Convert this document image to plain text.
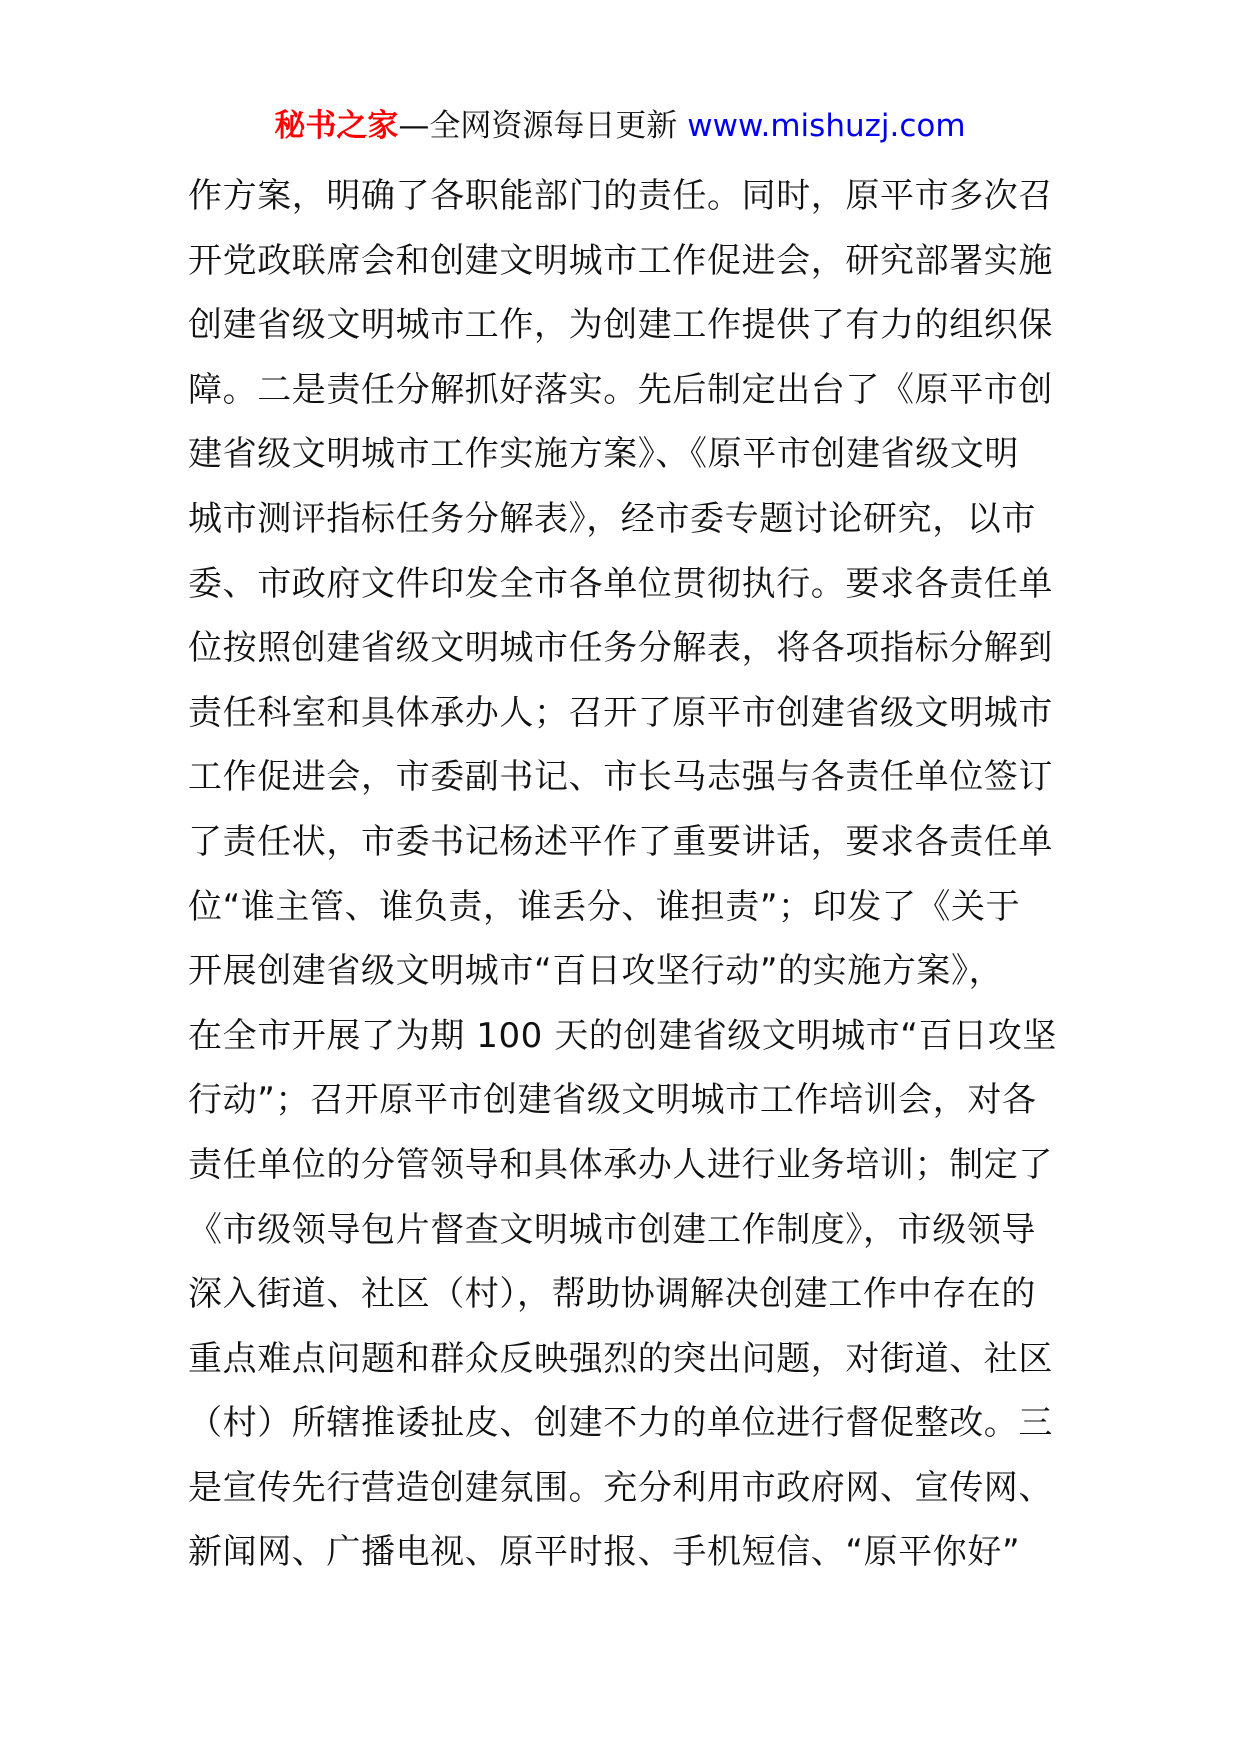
秘书之家—全网资源每日更新 www.mishuzj.com
作方案，明确了各职能部门的责任。同时，原平市多次召
开党政联席会和创建文明城市工作促进会，研究部署实施
创建省级文明城市工作，为创建工作提供了有力的组织保
障。二是责任分解抓好落实。先后制定出台了《原平市创
建省级文明城市工作实施方案》、《原平市创建省级文明
城市测评指标任务分解表》，经市委专题讨论研究，以市
委、市政府文件印发全市各单位贯彻执行。要求各责任单
位按照创建省级文明城市任务分解表，将各项指标分解到
责任科室和具体承办人；召开了原平市创建省级文明城市
工作促进会，市委副书记、市长马志强与各责任单位签订
了责任状，市委书记杨述平作了重要讲话，要求各责任单
位“谁主管、谁负责，谁丢分、谁担责”；印发了《关于
开展创建省级文明城市“百日攻坚行动”的实施方案》，
在全市开展了为期 100 天的创建省级文明城市“百日攻坚
行动”；召开原平市创建省级文明城市工作培训会，对各
责任单位的分管领导和具体承办人进行业务培训；制定了
《市级领导包片督查文明城市创建工作制度》，市级领导
深入街道、社区（村），帮助协调解决创建工作中存在的
重点难点问题和群众反映强烈的突出问题，对街道、社区
（村）所辖推诿扯皮、创建不力的单位进行督促整改。三
是宣传先行营造创建氛围。充分利用市政府网、宣传网、
新闻网、广播电视、原平时报、手机短信、“原平你好”
